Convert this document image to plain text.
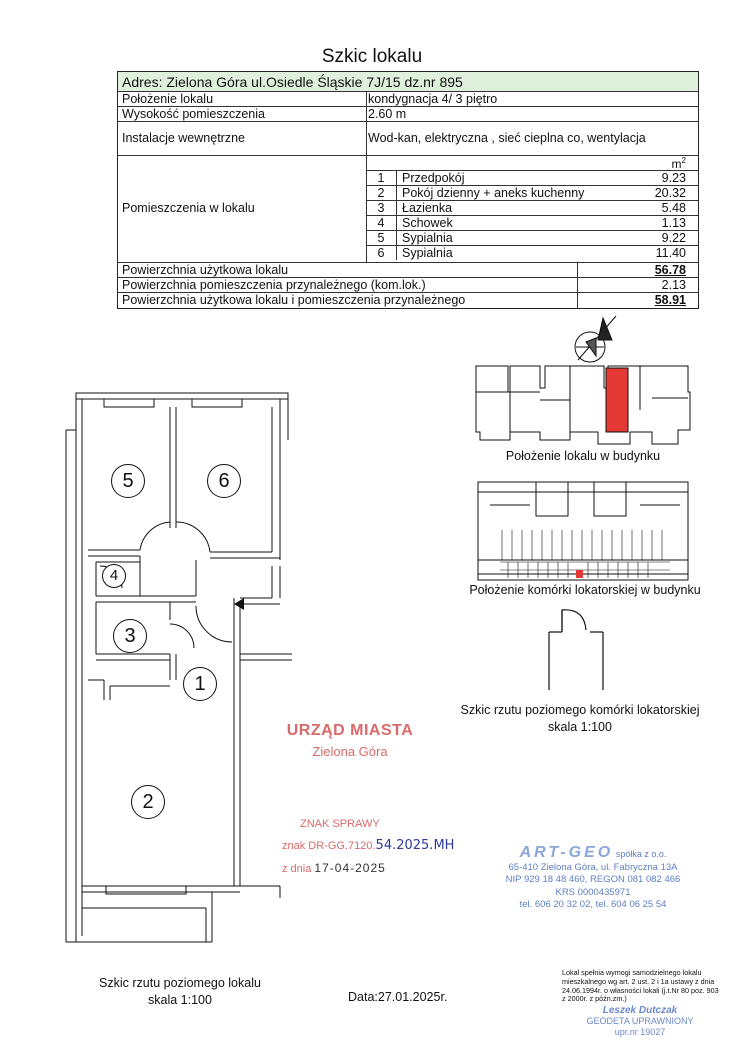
Szkic lokalu
Adres: Zielona Góra ul.Osiedle Śląskie 7J/15 dz.nr 895
Położenie lokalu	kondygnacja 4/ 3 piętro
Wysokość pomieszczenia	2.60 m
Instalacje wewnętrzne	Wod-kan, elektryczna , sieć cieplna co, wentylacja
Pomieszczenia w lokalu
$m^2$
1	Przedpokój	9.23
2	Pokój dzienny + aneks kuchenny	20.32
3	Łazienka	5.48
4	Schowek	1.13
5	Sypialnia	9.22
6	Sypialnia	11.40
Powierzchnia użytkowa lokalu	56.78
Powierzchnia pomieszczenia przynależnego (kom.lok.)	2.13
Powierzchnia użytkowa lokalu i pomieszczenia przynależnego	58.91
5	6
4
3
1
2
Położenie lokalu w budynku
Położenie komórki lokatorskiej w budynku
Szkic rzutu poziomego komórki lokatorskiej
skala 1:100
Szkic rzutu poziomego lokalu
skala 1:100
URZĄD MIASTA
Zielona Góra
ZNAK SPRAWY
znak DR-GG.7120.54.2025.MH
z dnia 17-04-2025
ART-GEO spółka z o.o.
65-410 Zielona Góra, ul. Fabryczna 13A
NIP 929 18 48 460, REGON 081 082 466
KRS 0000435971
tel. 606 20 32 02, tel. 604 06 25 54
Data:27.01.2025r.
Lokal spełnia wymogi samodzielnego lokalu mieszkalnego wg art. 2 ust. 2 i 1a ustawy z dnia 24.06.1994r. o własności lokali (j.t.Nr 80 poz. 903 z 2000r. z późn.zm.)
Leszek Dutczak
GEODETA UPRAWNIONY
upr.nr 19027
